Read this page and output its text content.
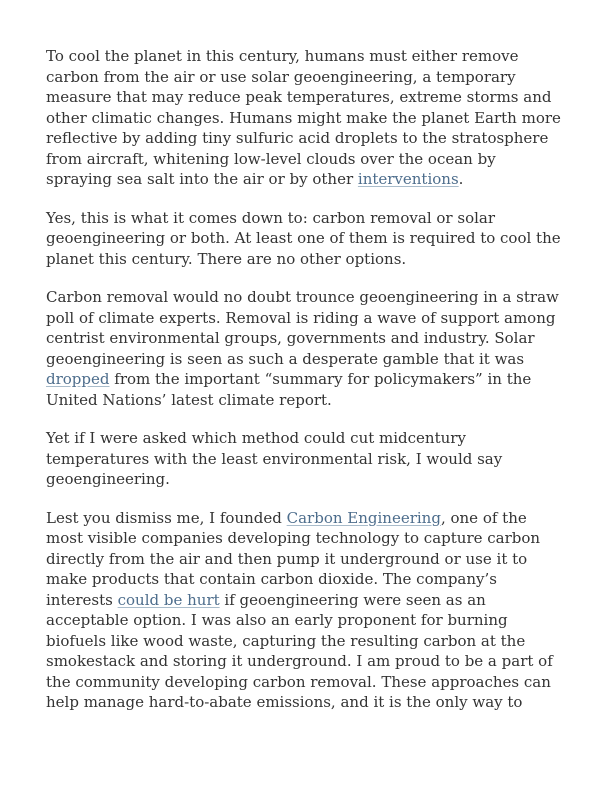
To cool the planet in this century, humans must either remove carbon from the air or use solar geoengineering, a temporary measure that may reduce peak temperatures, extreme storms and other climatic changes. Humans might make the planet Earth more reflective by adding tiny sulfuric acid droplets to the stratosphere from aircraft, whitening low-level clouds over the ocean by spraying sea salt into the air or by other interventions.

Yes, this is what it comes down to: carbon removal or solar geoengineering or both. At least one of them is required to cool the planet this century. There are no other options.

Carbon removal would no doubt trounce geoengineering in a straw poll of climate experts. Removal is riding a wave of support among centrist environmental groups, governments and industry. Solar geoengineering is seen as such a desperate gamble that it was dropped from the important “summary for policymakers” in the United Nations’ latest climate report.

Yet if I were asked which method could cut midcentury temperatures with the least environmental risk, I would say geoengineering.

Lest you dismiss me, I founded Carbon Engineering, one of the most visible companies developing technology to capture carbon directly from the air and then pump it underground or use it to make products that contain carbon dioxide. The company’s interests could be hurt if geoengineering were seen as an acceptable option. I was also an early proponent for burning biofuels like wood waste, capturing the resulting carbon at the smokestack and storing it underground. I am proud to be a part of the community developing carbon removal. These approaches can help manage hard-to-abate emissions, and it is the only way to
